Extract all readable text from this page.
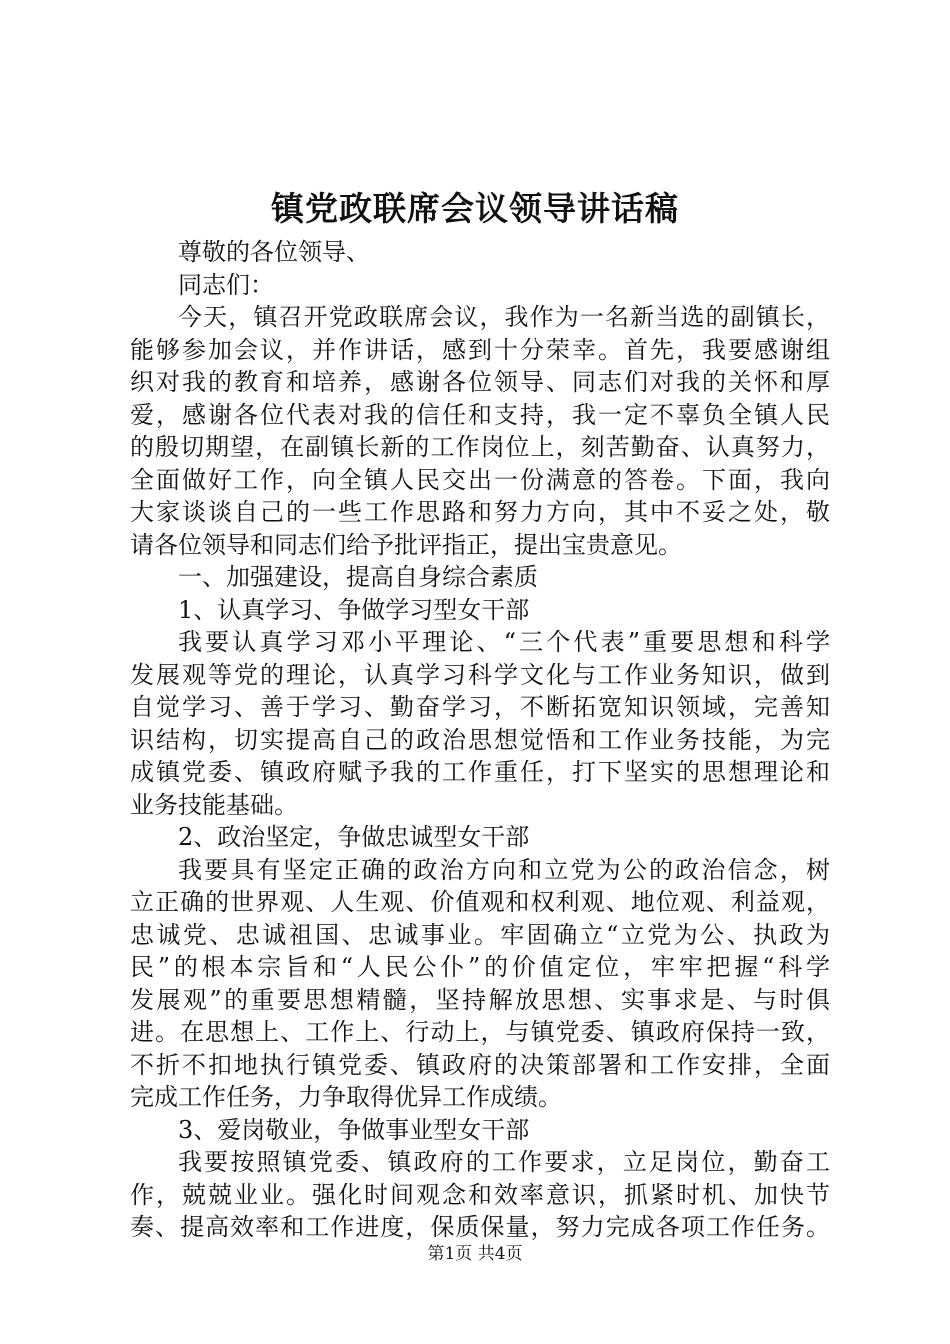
镇党政联席会议领导讲话稿
尊敬的各位领导、
同志们：
今天，镇召开党政联席会议，我作为一名新当选的副镇长，
能够参加会议，并作讲话，感到十分荣幸。首先，我要感谢组
织对我的教育和培养，感谢各位领导、同志们对我的关怀和厚
爱，感谢各位代表对我的信任和支持，我一定不辜负全镇人民
的殷切期望，在副镇长新的工作岗位上，刻苦勤奋、认真努力，
全面做好工作，向全镇人民交出一份满意的答卷。下面，我向
大家谈谈自己的一些工作思路和努力方向，其中不妥之处，敬
请各位领导和同志们给予批评指正，提出宝贵意见。
一、加强建设，提高自身综合素质
1、认真学习、争做学习型女干部
我要认真学习邓小平理论、“三个代表”重要思想和科学
发展观等党的理论，认真学习科学文化与工作业务知识，做到
自觉学习、善于学习、勤奋学习，不断拓宽知识领域，完善知
识结构，切实提高自己的政治思想觉悟和工作业务技能，为完
成镇党委、镇政府赋予我的工作重任，打下坚实的思想理论和
业务技能基础。
2、政治坚定，争做忠诚型女干部
我要具有坚定正确的政治方向和立党为公的政治信念，树
立正确的世界观、人生观、价值观和权利观、地位观、利益观，
忠诚党、忠诚祖国、忠诚事业。牢固确立“立党为公、执政为
民”的根本宗旨和“人民公仆”的价值定位，牢牢把握“科学
发展观”的重要思想精髓，坚持解放思想、实事求是、与时俱
进。在思想上、工作上、行动上，与镇党委、镇政府保持一致，
不折不扣地执行镇党委、镇政府的决策部署和工作安排，全面
完成工作任务，力争取得优异工作成绩。
3、爱岗敬业，争做事业型女干部
我要按照镇党委、镇政府的工作要求，立足岗位，勤奋工
作，兢兢业业。强化时间观念和效率意识，抓紧时机、加快节
奏、提高效率和工作进度，保质保量，努力完成各项工作任务。
第1页 共4页
